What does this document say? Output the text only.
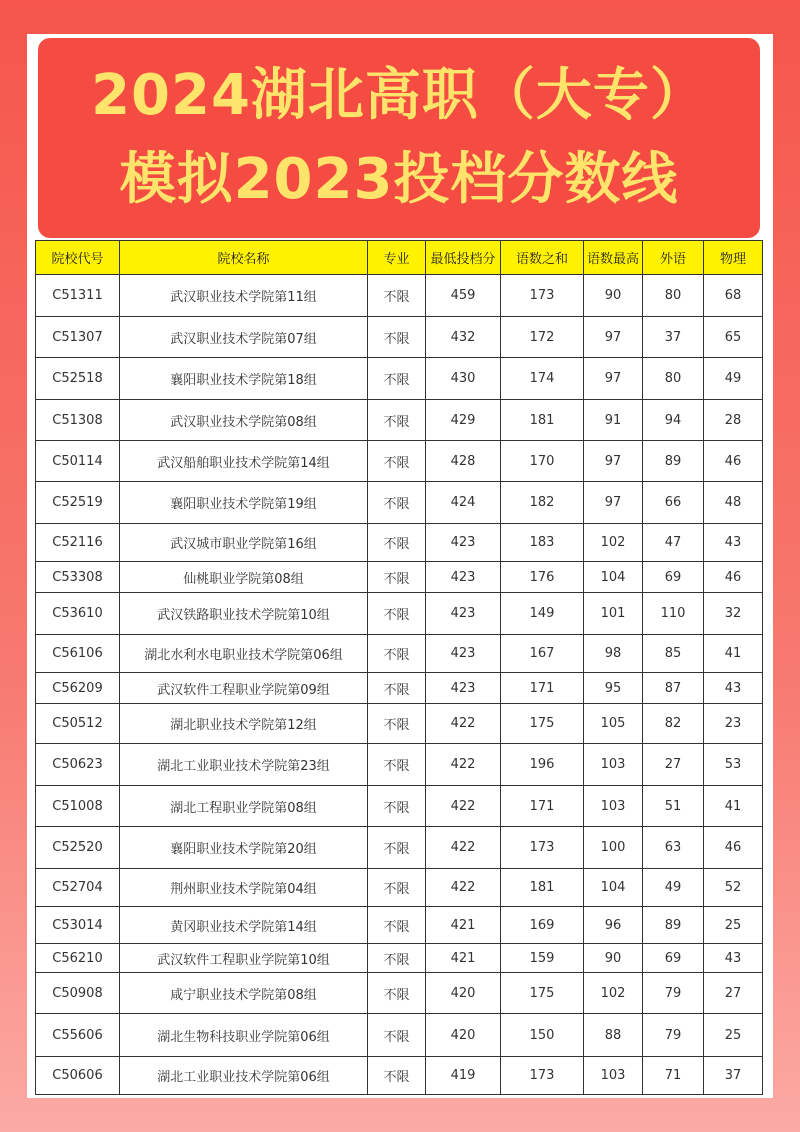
2024湖北高职（大专）
模拟2023投档分数线
院校代号	院校名称	专业	最低投档分	语数之和	语数最高	外语	物理
C51311	武汉职业技术学院第11组	不限	459	173	90	80	68
C51307	武汉职业技术学院第07组	不限	432	172	97	37	65
C52518	襄阳职业技术学院第18组	不限	430	174	97	80	49
C51308	武汉职业技术学院第08组	不限	429	181	91	94	28
C50114	武汉船舶职业技术学院第14组	不限	428	170	97	89	46
C52519	襄阳职业技术学院第19组	不限	424	182	97	66	48
C52116	武汉城市职业学院第16组	不限	423	183	102	47	43
C53308	仙桃职业学院第08组	不限	423	176	104	69	46
C53610	武汉铁路职业技术学院第10组	不限	423	149	101	110	32
C56106	湖北水利水电职业技术学院第06组	不限	423	167	98	85	41
C56209	武汉软件工程职业学院第09组	不限	423	171	95	87	43
C50512	湖北职业技术学院第12组	不限	422	175	105	82	23
C50623	湖北工业职业技术学院第23组	不限	422	196	103	27	53
C51008	湖北工程职业学院第08组	不限	422	171	103	51	41
C52520	襄阳职业技术学院第20组	不限	422	173	100	63	46
C52704	荆州职业技术学院第04组	不限	422	181	104	49	52
C53014	黄冈职业技术学院第14组	不限	421	169	96	89	25
C56210	武汉软件工程职业学院第10组	不限	421	159	90	69	43
C50908	咸宁职业技术学院第08组	不限	420	175	102	79	27
C55606	湖北生物科技职业学院第06组	不限	420	150	88	79	25
C50606	湖北工业职业技术学院第06组	不限	419	173	103	71	37
